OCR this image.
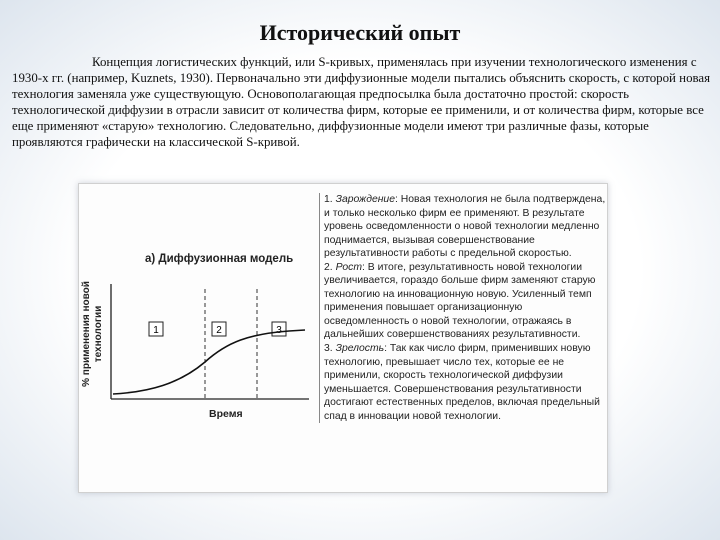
Исторический опыт

Концепция логистических функций, или S-кривых, применялась при изучении технологического изменения с 1930-х гг. (например, Kuznets, 1930). Первоначально эти диффузионные модели пытались объяснить скорость, с которой новая технология заменяла уже существующую. Основополагающая предпосылка была достаточно простой: скорость технологической диффузии в отрасли зависит от количества фирм, которые ее применили, и от количества фирм, которые все еще применяют «старую» технологию. Следовательно, диффузионные модели имеют три различные фазы, которые проявляются графически на классической S-кривой.

а) Диффузионная модель
% применения новой технологии
Время
1	2	3

1. Зарождение: Новая технология не была подтверждена, и только несколько фирм ее применяют. В результате уровень осведомленности о новой технологии медленно поднимается, вызывая совершенствование результативности работы с предельной скоростью.

2. Рост: В итоге, результативность новой технологии увеличивается, гораздо больше фирм заменяют старую технологию на инновационную новую. Усиленный темп применения повышает организационную осведомленность о новой технологии, отражаясь в дальнейших совершенствованиях результативности.

3. Зрелость: Так как число фирм, применивших новую технологию, превышает число тех, которые ее не применили, скорость технологической диффузии уменьшается. Совершенствования результативности достигают естественных пределов, включая предельный спад в инновации новой технологии.
